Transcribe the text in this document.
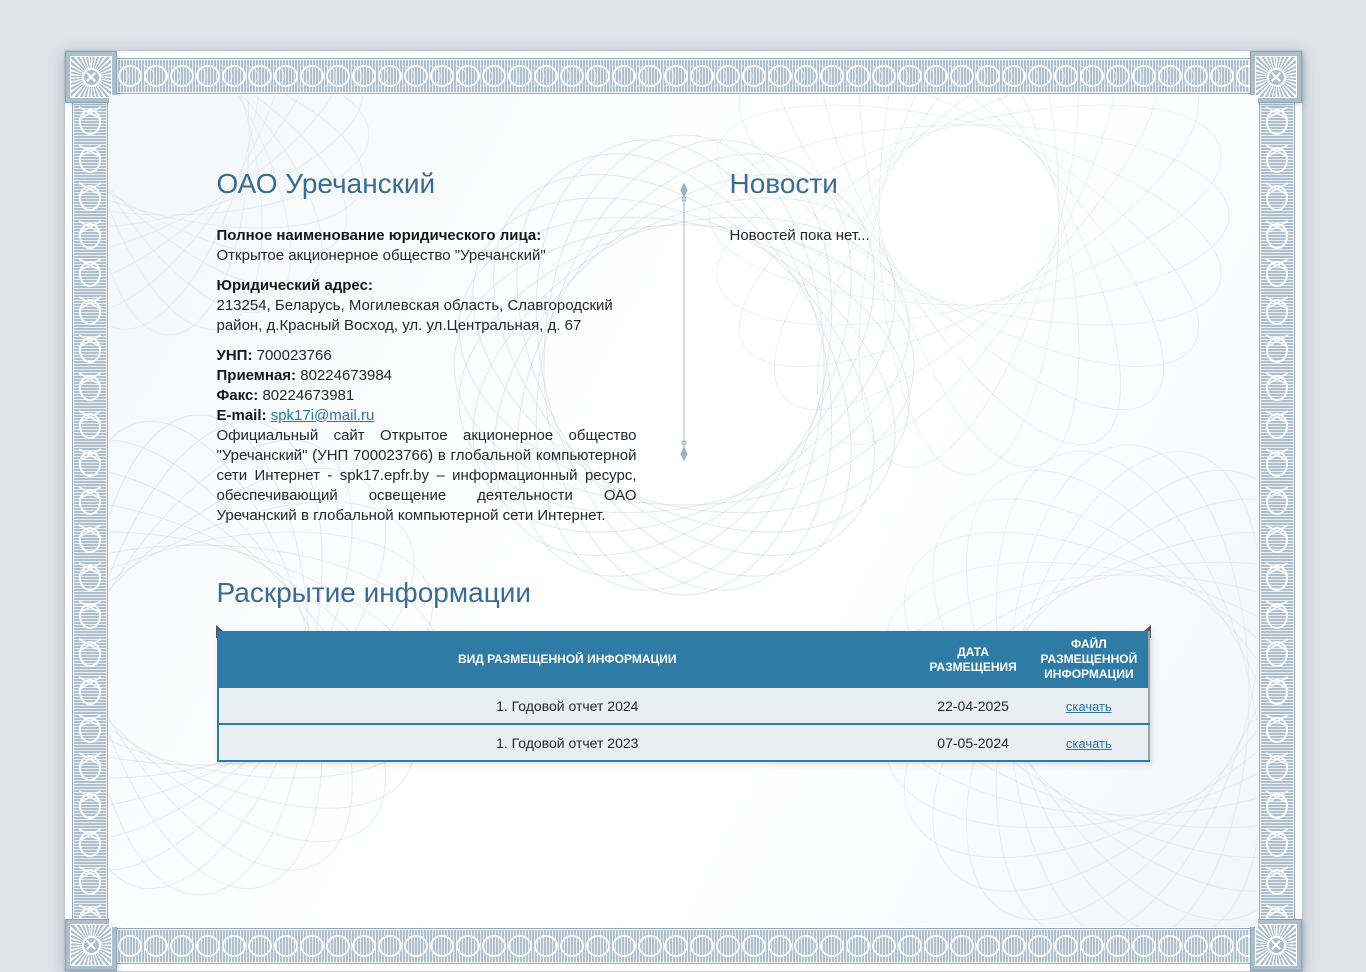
ОАО Уречанский

Полное наименование юридического лица:

Открытое акционерное общество "Уречанский"

Юридический адрес:

213254, Беларусь, Могилевская область, Славгородский район, д.Красный Восход, ул. ул.Центральная, д. 67

УНП: 700023766

Приемная: 80224673984

Факс: 80224673981

E-mail: spk17i@mail.ru

Официальный сайт Открытое акционерное общество "Уречанский" (УНП 700023766) в глобальной компьютерной сети Интернет - spk17.epfr.by – информационный ресурс, обеспечивающий освещение деятельности ОАО Уречанский в глобальной компьютерной сети Интернет.

Новости

Новостей пока нет...

Раскрытие информации
ВИД РАЗМЕЩЕННОЙ ИНФОРМАЦИИ	ДАТА РАЗМЕЩЕНИЯ	ФАЙЛ РАЗМЕЩЕННОЙ ИНФОРМАЦИИ
1. Годовой отчет 2024	22-04-2025	скачать
1. Годовой отчет 2023	07-05-2024	скачать
